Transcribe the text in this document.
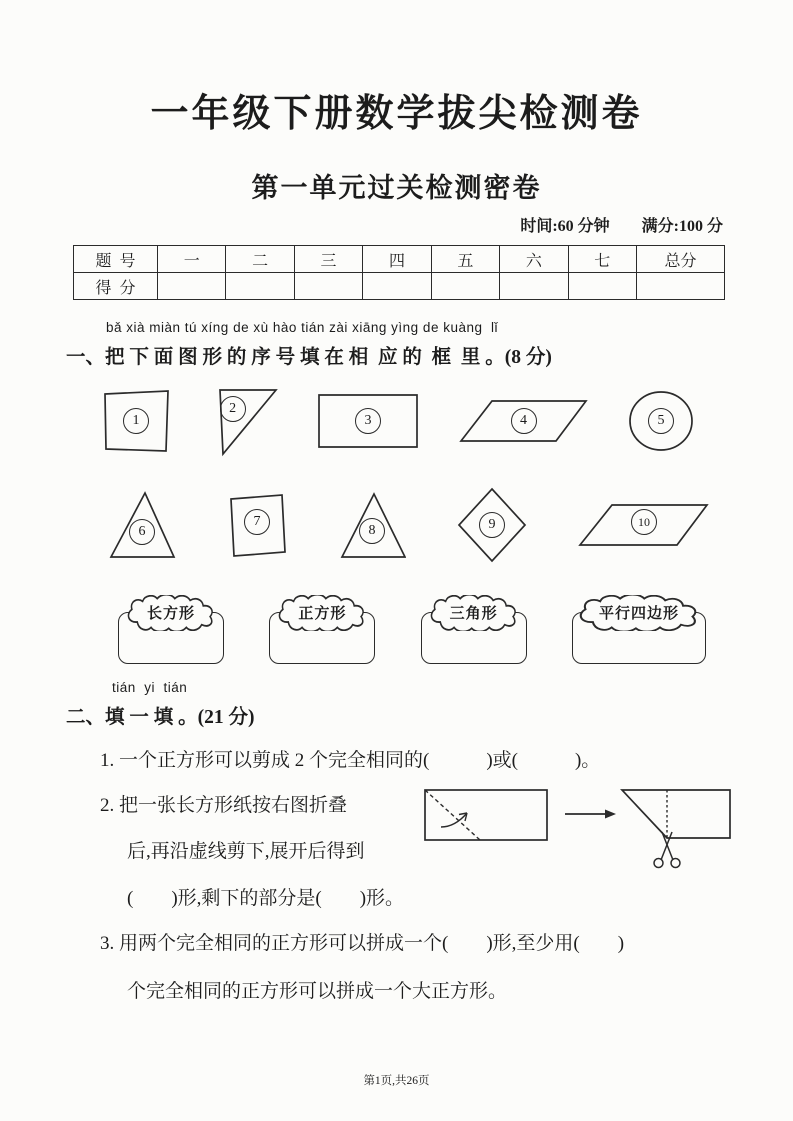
一年级下册数学拔尖检测卷
第一单元过关检测密卷
时间:60 分钟 满分:100 分
题号	一	二	三	四	五	六	七	总分
得分								
bǎ xià miàn tú xíng de xù hào tián zài xiāng yìng de kuàng  lǐ
一、把 下 面 图 形 的 序 号 填 在 相  应 的  框  里 。(8 分)
1
2
3	4	5
6
7
8	9	10
长方形	正方形	三角形	平行四边形
tián  yi  tián
二、填 一 填 。(21 分)
1. 一个正方形可以剪成 2 个完全相同的(　　　)或(　　　)。
2. 把一张长方形纸按右图折叠
后,再沿虚线剪下,展开后得到
(　　)形,剩下的部分是(　　)形。
3. 用两个完全相同的正方形可以拼成一个(　　)形,至少用(　　)
个完全相同的正方形可以拼成一个大正方形。
第1页,共26页
